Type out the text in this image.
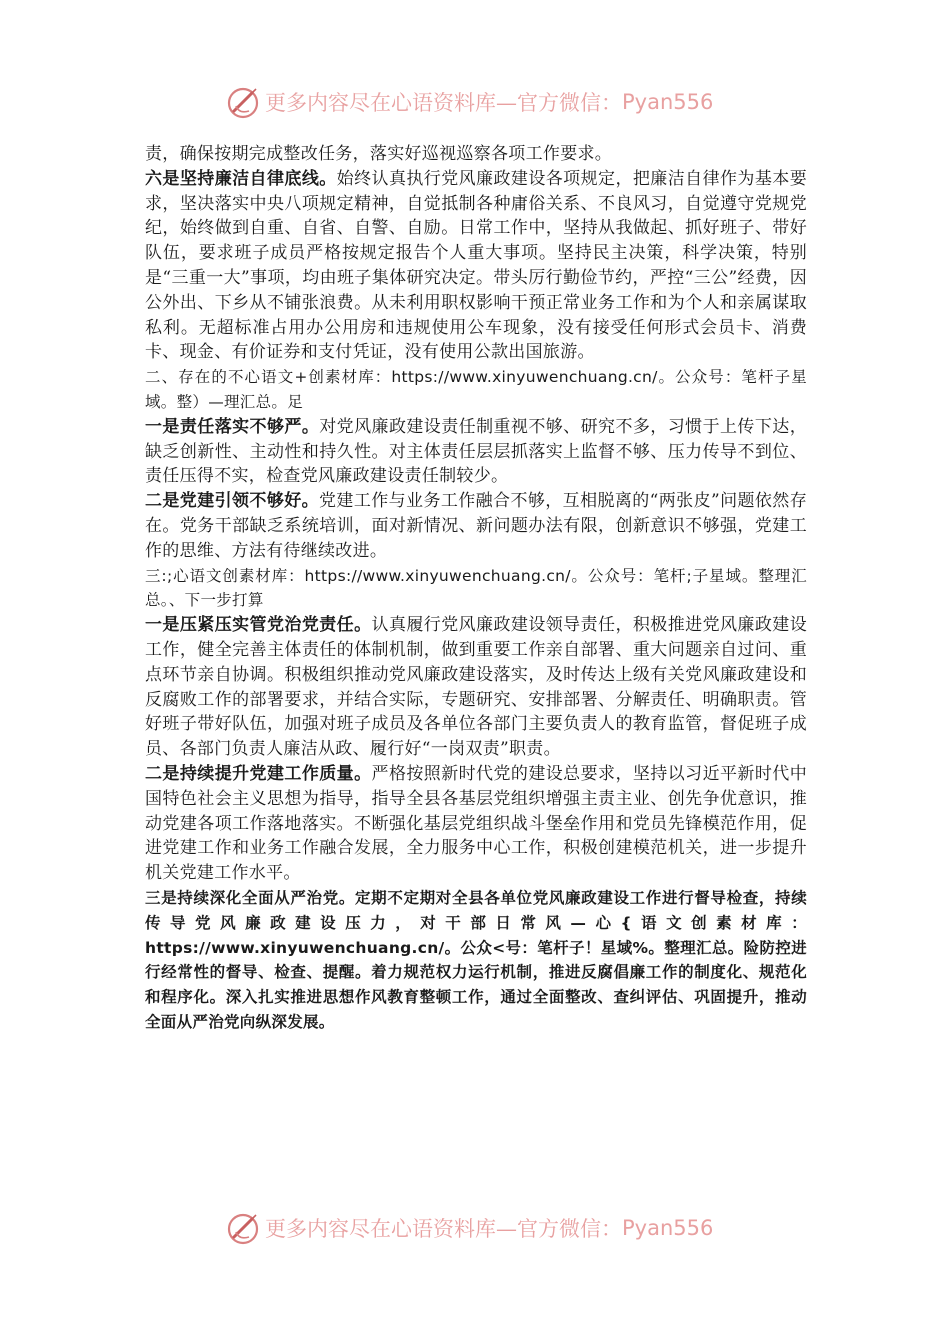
更多内容尽在心语资料库—官方微信： Pyan556

责，确保按期完成整改任务，落实好巡视巡察各项工作要求。

六是坚持廉洁自律底线。始终认真执行党风廉政建设各项规定，把廉洁自律作为基本要求，坚决落实中央八项规定精神，自觉抵制各种庸俗关系、不良风习，自觉遵守党规党纪，始终做到自重、自省、自警、自励。日常工作中，坚持从我做起、抓好班子、带好队伍，要求班子成员严格按规定报告个人重大事项。坚持民主决策，科学决策，特别是“三重一大”事项，均由班子集体研究决定。带头厉行勤俭节约，严控“三公”经费，因公外出、下乡从不铺张浪费。从未利用职权影响干预正常业务工作和为个人和亲属谋取私利。无超标准占用办公用房和违规使用公车现象，没有接受任何形式会员卡、消费卡、现金、有价证券和支付凭证，没有使用公款出国旅游。

二、存在的不心语文+创素材库：https://www.xinyuwenchuang.cn/。公众号：笔杆子星域。整）—理汇总。足

一是责任落实不够严。对党风廉政建设责任制重视不够、研究不多，习惯于上传下达，缺乏创新性、主动性和持久性。对主体责任层层抓落实上监督不够、压力传导不到位、责任压得不实，检查党风廉政建设责任制较少。

二是党建引领不够好。党建工作与业务工作融合不够，互相脱离的“两张皮”问题依然存在。党务干部缺乏系统培训，面对新情况、新问题办法有限，创新意识不够强，党建工作的思维、方法有待继续改进。

三:;心语文创素材库：https://www.xinyuwenchuang.cn/。公众号：笔杆;子星域。整理汇总。、下一步打算

一是压紧压实管党治党责任。认真履行党风廉政建设领导责任，积极推进党风廉政建设工作，健全完善主体责任的体制机制，做到重要工作亲自部署、重大问题亲自过问、重点环节亲自协调。积极组织推动党风廉政建设落实，及时传达上级有关党风廉政建设和反腐败工作的部署要求，并结合实际，专题研究、安排部署、分解责任、明确职责。管好班子带好队伍，加强对班子成员及各单位各部门主要负责人的教育监管，督促班子成员、各部门负责人廉洁从政、履行好“一岗双责”职责。

二是持续提升党建工作质量。严格按照新时代党的建设总要求，坚持以习近平新时代中国特色社会主义思想为指导，指导全县各基层党组织增强主责主业、创先争优意识，推动党建各项工作落地落实。不断强化基层党组织战斗堡垒作用和党员先锋模范作用，促进党建工作和业务工作融合发展，全力服务中心工作，积极创建模范机关，进一步提升机关党建工作水平。

三是持续深化全面从严治党。定期不定期对全县各单位党风廉政建设工作进行督导检查，持续传导党风廉政建设压力，对干部日常风—心{语文创素材库：https://www.xinyuwenchuang.cn/。公众<号：笔杆子！星域%。整理汇总。险防控进行经常性的督导、检查、提醒。着力规范权力运行机制，推进反腐倡廉工作的制度化、规范化和程序化。深入扎实推进思想作风教育整顿工作，通过全面整改、查纠评估、巩固提升，推动全面从严治党向纵深发展。

更多内容尽在心语资料库—官方微信： Pyan556
